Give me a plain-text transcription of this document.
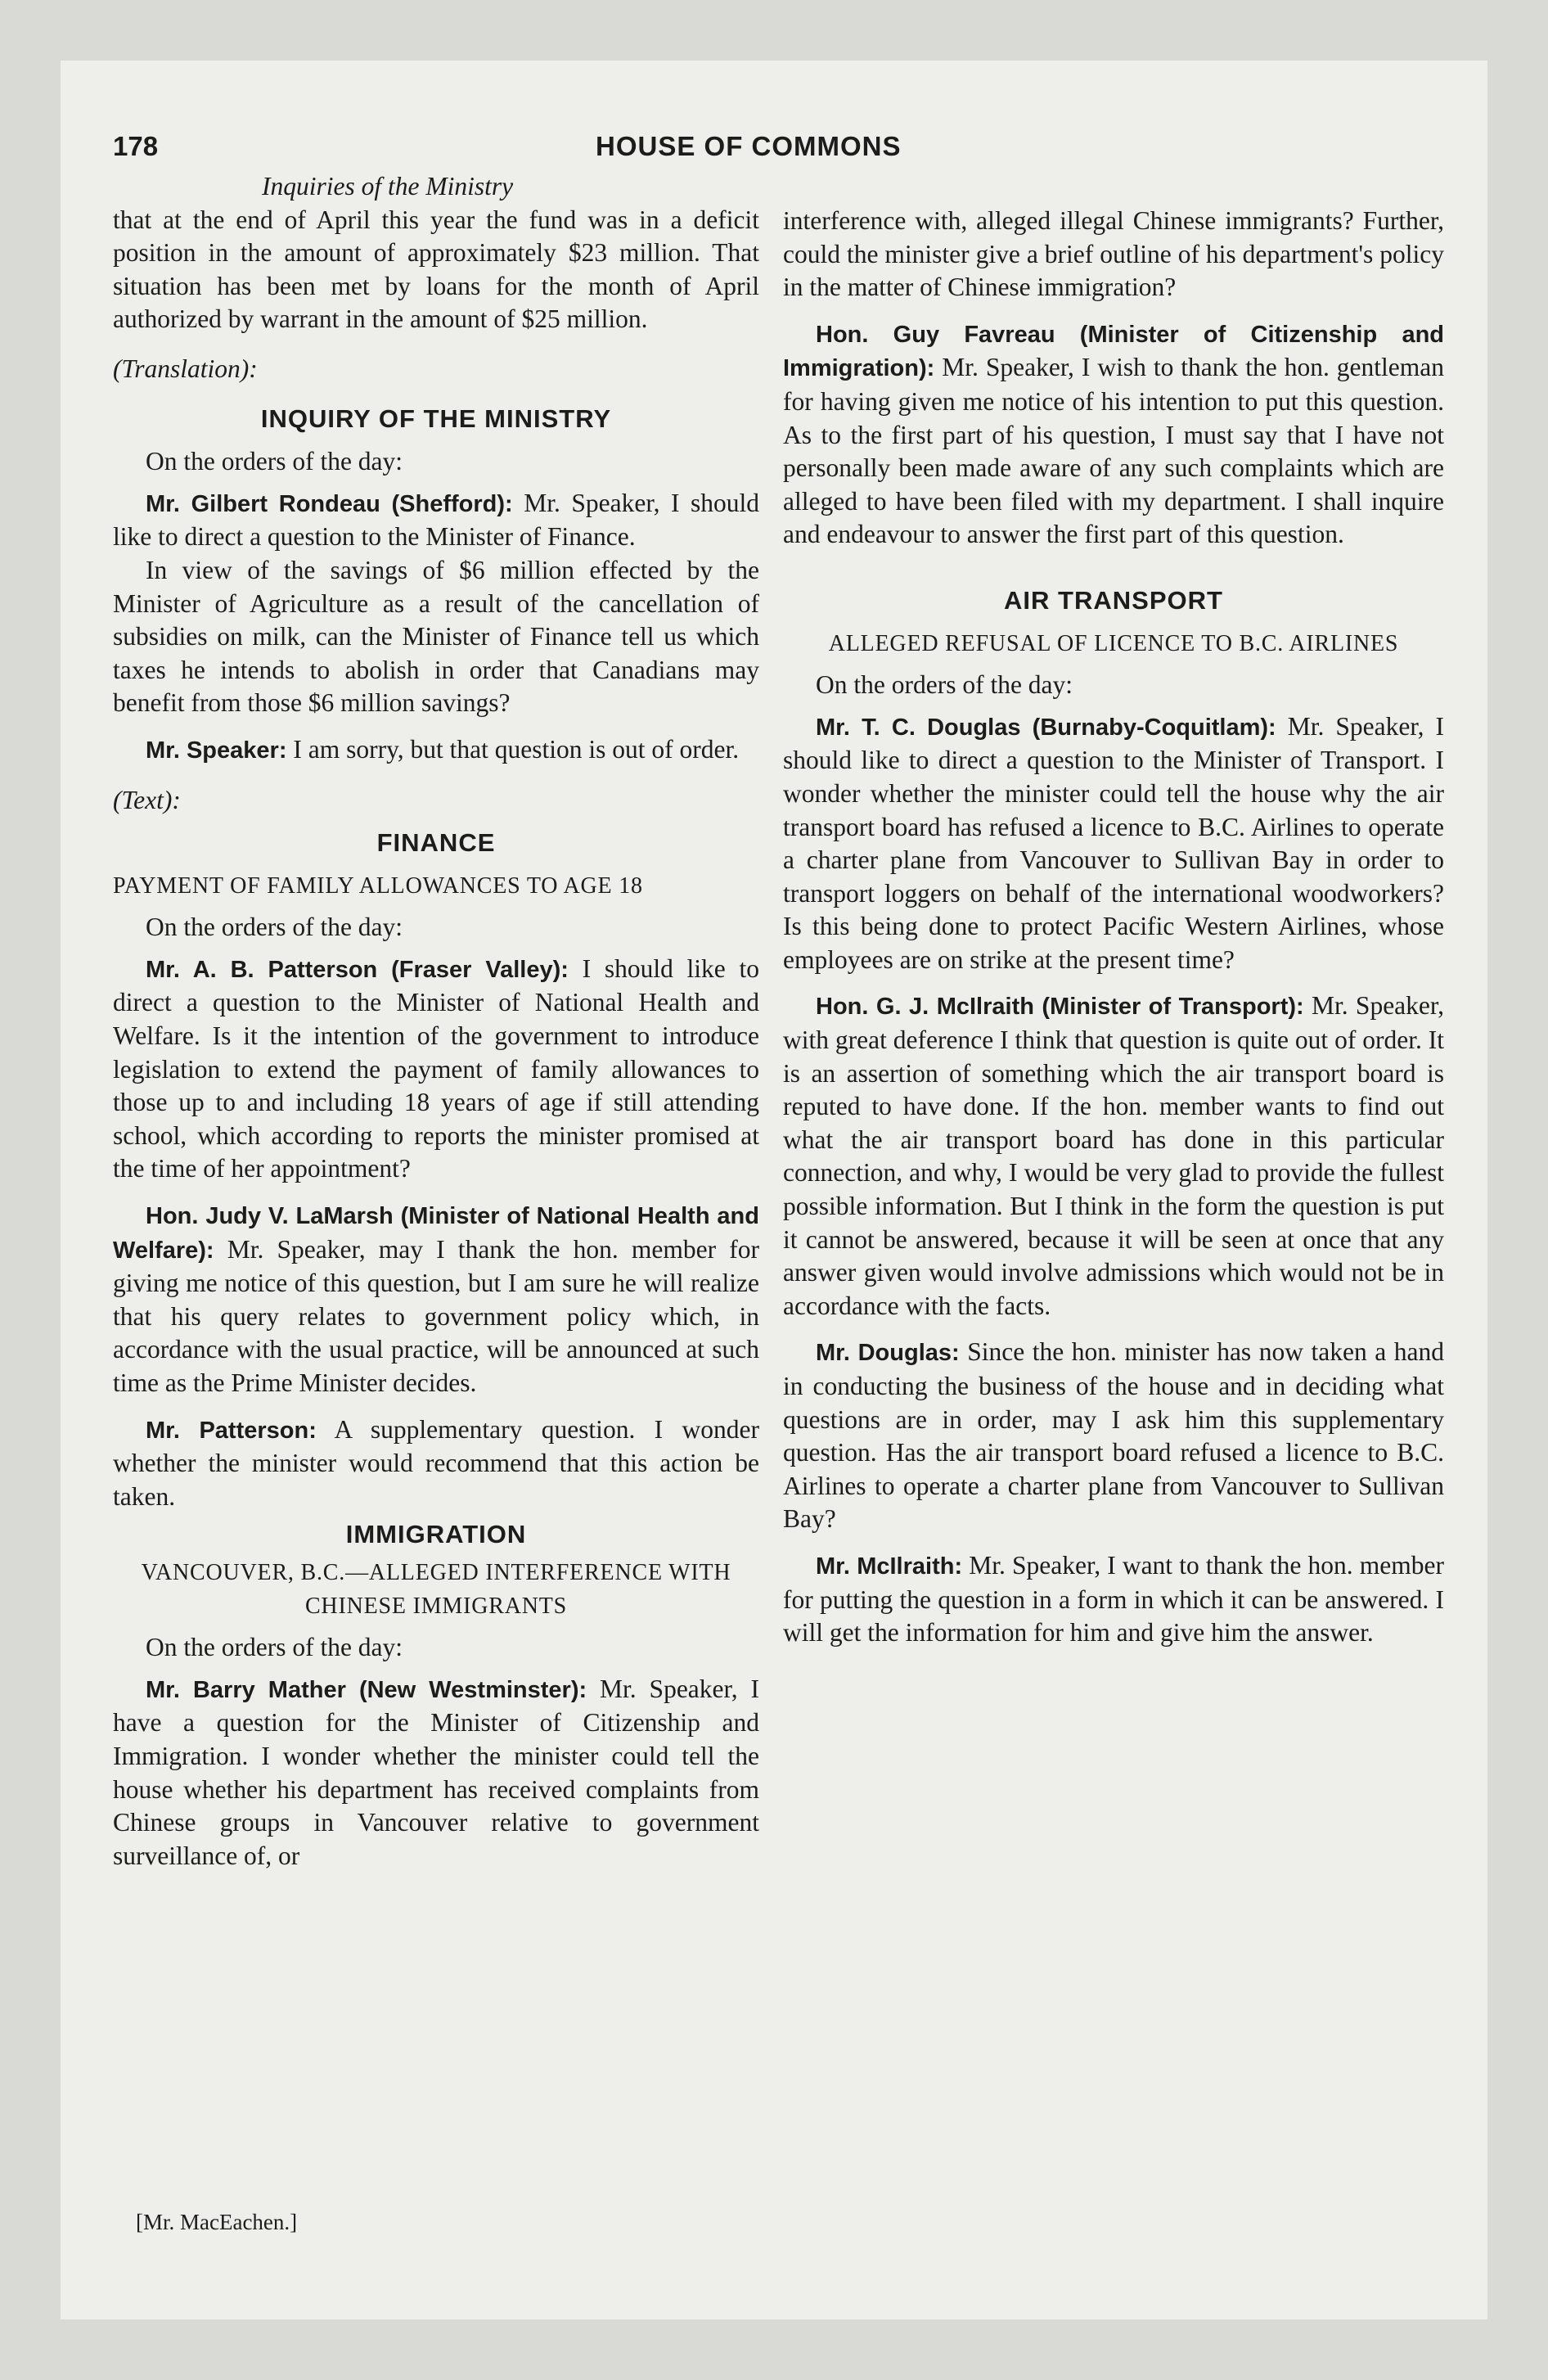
178	HOUSE OF COMMONS

Inquiries of the Ministry

that at the end of April this year the fund was in a deficit position in the amount of approximately $23 million. That situation has been met by loans for the month of April authorized by warrant in the amount of $25 million.

(Translation):

INQUIRY OF THE MINISTRY

On the orders of the day:

Mr. Gilbert Rondeau (Shefford): Mr. Speaker, I should like to direct a question to the Minister of Finance.

In view of the savings of $6 million effected by the Minister of Agriculture as a result of the cancellation of subsidies on milk, can the Minister of Finance tell us which taxes he intends to abolish in order that Canadians may benefit from those $6 million savings?

Mr. Speaker: I am sorry, but that question is out of order.

(Text):

FINANCE

PAYMENT OF FAMILY ALLOWANCES TO AGE 18

On the orders of the day:

Mr. A. B. Patterson (Fraser Valley): I should like to direct a question to the Minister of National Health and Welfare. Is it the intention of the government to introduce legislation to extend the payment of family allowances to those up to and including 18 years of age if still attending school, which according to reports the minister promised at the time of her appointment?

Hon. Judy V. LaMarsh (Minister of National Health and Welfare): Mr. Speaker, may I thank the hon. member for giving me notice of this question, but I am sure he will realize that his query relates to government policy which, in accordance with the usual practice, will be announced at such time as the Prime Minister decides.

Mr. Patterson: A supplementary question. I wonder whether the minister would recommend that this action be taken.

IMMIGRATION

VANCOUVER, B.C.—ALLEGED INTERFERENCE WITH

CHINESE IMMIGRANTS

On the orders of the day:

Mr. Barry Mather (New Westminster): Mr. Speaker, I have a question for the Minister of Citizenship and Immigration. I wonder whether the minister could tell the house whether his department has received complaints from Chinese groups in Vancouver relative to government surveillance of, or

interference with, alleged illegal Chinese immigrants? Further, could the minister give a brief outline of his department's policy in the matter of Chinese immigration?

Hon. Guy Favreau (Minister of Citizenship and Immigration): Mr. Speaker, I wish to thank the hon. gentleman for having given me notice of his intention to put this question. As to the first part of his question, I must say that I have not personally been made aware of any such complaints which are alleged to have been filed with my department. I shall inquire and endeavour to answer the first part of this question.

AIR TRANSPORT

ALLEGED REFUSAL OF LICENCE TO B.C. AIRLINES

On the orders of the day:

Mr. T. C. Douglas (Burnaby-Coquitlam): Mr. Speaker, I should like to direct a question to the Minister of Transport. I wonder whether the minister could tell the house why the air transport board has refused a licence to B.C. Airlines to operate a charter plane from Vancouver to Sullivan Bay in order to transport loggers on behalf of the international woodworkers? Is this being done to protect Pacific Western Airlines, whose employees are on strike at the present time?

Hon. G. J. McIlraith (Minister of Transport): Mr. Speaker, with great deference I think that question is quite out of order. It is an assertion of something which the air transport board is reputed to have done. If the hon. member wants to find out what the air transport board has done in this particular connection, and why, I would be very glad to provide the fullest possible information. But I think in the form the question is put it cannot be answered, because it will be seen at once that any answer given would involve admissions which would not be in accordance with the facts.

Mr. Douglas: Since the hon. minister has now taken a hand in conducting the business of the house and in deciding what questions are in order, may I ask him this supplementary question. Has the air transport board refused a licence to B.C. Airlines to operate a charter plane from Vancouver to Sullivan Bay?

Mr. McIlraith: Mr. Speaker, I want to thank the hon. member for putting the question in a form in which it can be answered. I will get the information for him and give him the answer.

[Mr. MacEachen.]
